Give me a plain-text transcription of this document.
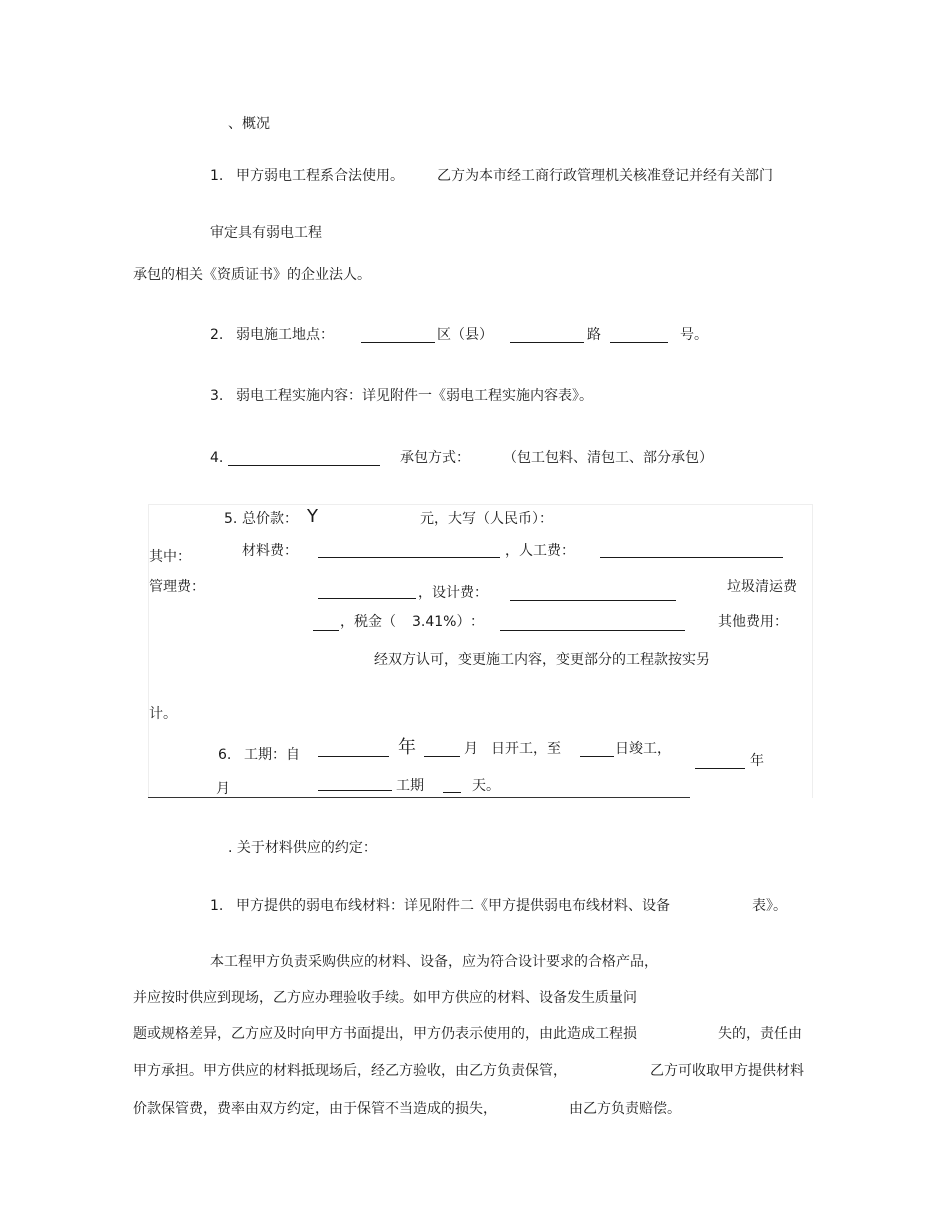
、概况
1. 甲方弱电工程系合法使用。 乙方为本市经工商行政管理机关核准登记并经有关部门
审定具有弱电工程
承包的相关《资质证书》的企业法人。
2. 弱电施工地点：	区（县）	路	号。
3. 弱电工程实施内容：详见附件一《弱电工程实施内容表》。
4.	承包方式： （包工包料、清包工、部分承包）
5. 总价款： Y	元，大写（人民币）：
其中：	材料费：	，人工费：
管理费：	，设计费：	垃圾清运费
，税金（ 3.41%） ：	其他费用：
经双方认可，变更施工内容，变更部分的工程款按实另
计。
6. 工期：自	年	月 日开工，至	日竣工，
年
月	工期	天。
. 关于材料供应的约定：
1. 甲方提供的弱电布线材料：详见附件二《甲方提供弱电布线材料、设备	表》。
本工程甲方负责采购供应的材料、设备，应为符合设计要求的合格产品，
并应按时供应到现场，乙方应办理验收手续。如甲方供应的材料、设备发生质量问
题或规格差异，乙方应及时向甲方书面提出，甲方仍表示使用的，由此造成工程损	失的，责任由
甲方承担。甲方供应的材料抵现场后，经乙方验收，由乙方负责保管，	乙方可收取甲方提供材料
价款保管费，费率由双方约定，由于保管不当造成的损失，	由乙方负责赔偿。
